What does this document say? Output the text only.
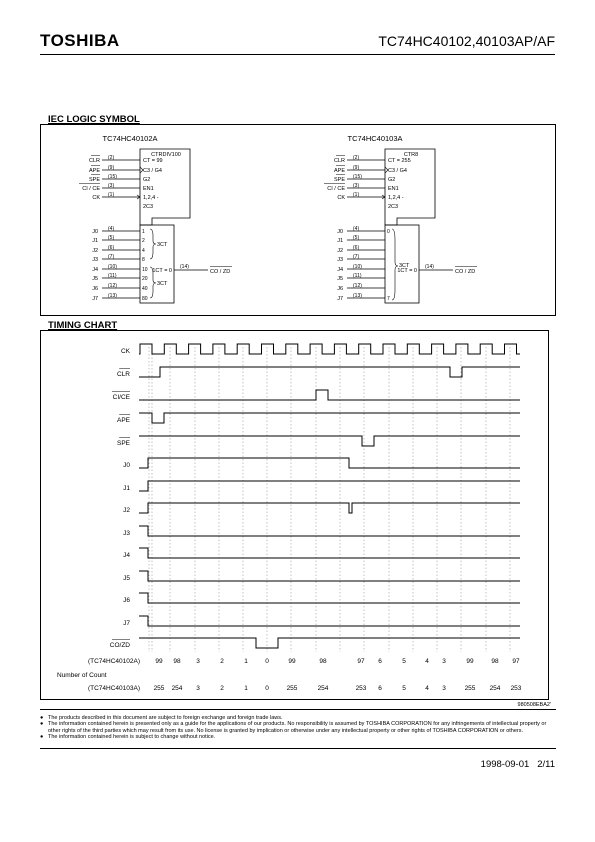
TOSHIBA	TC74HC40102,40103AP/AF
IEC LOGIC SYMBOL
TC74HC40102A
CTRDIV100
CT = 99
CLR (2)
C3 / G4
APE (9)
G2
SPE (15)
EN1
CI / CE (3)
1,2,4 -
CK (1)
2C3
J0 (4)	1
J1 (5)	2
J2 (6)	4
J3 (7)	8
J4 (10)	10
J5 (11)	20
J6 (12)	40
J7 (13)	80
3CT
3CT
1CT = 0
(14)
CO / ZD
TC74HC40103A
CTR8
CT = 255
CLR (2)
C3 / G4
APE (9)
G2
SPE (15)
EN1
CI / CE (3)
1,2,4 -
CK (1)
2C3
J0 (4)	0
J1 (5)
J2 (6)
J3 (7)
J4 (10)
J5 (11)
J6 (12)
J7 (13)	7
3CT
1CT = 0
(14)
CO / ZD
TIMING CHART
CK
CLR
CI/CE
APE
SPE
J0
J1
J2
J3
J4
J5
J6
J7
CO/ZD
(TC74HC40102A)
Number of Count
(TC74HC40103A)
99 98 3	2	1	0	99	98	97 6	5	4 3	99	98 97
255 254 3	2	1	0	255	254	253 6	5	4 3	255 254 253
980508EBA2'
● The products described in this document are subject to foreign exchange and foreign trade laws.
● The information contained herein is presented only as a guide for the applications of our products. No responsibility is assumed by TOSHIBA CORPORATION for any infringements of intellectual property or other rights of the third parties which may result from its use. No license is granted by implication or otherwise under any intellectual property or other rights of TOSHIBA CORPORATION or others.
● The information contained herein is subject to change without notice.
1998-09-01 2/11
